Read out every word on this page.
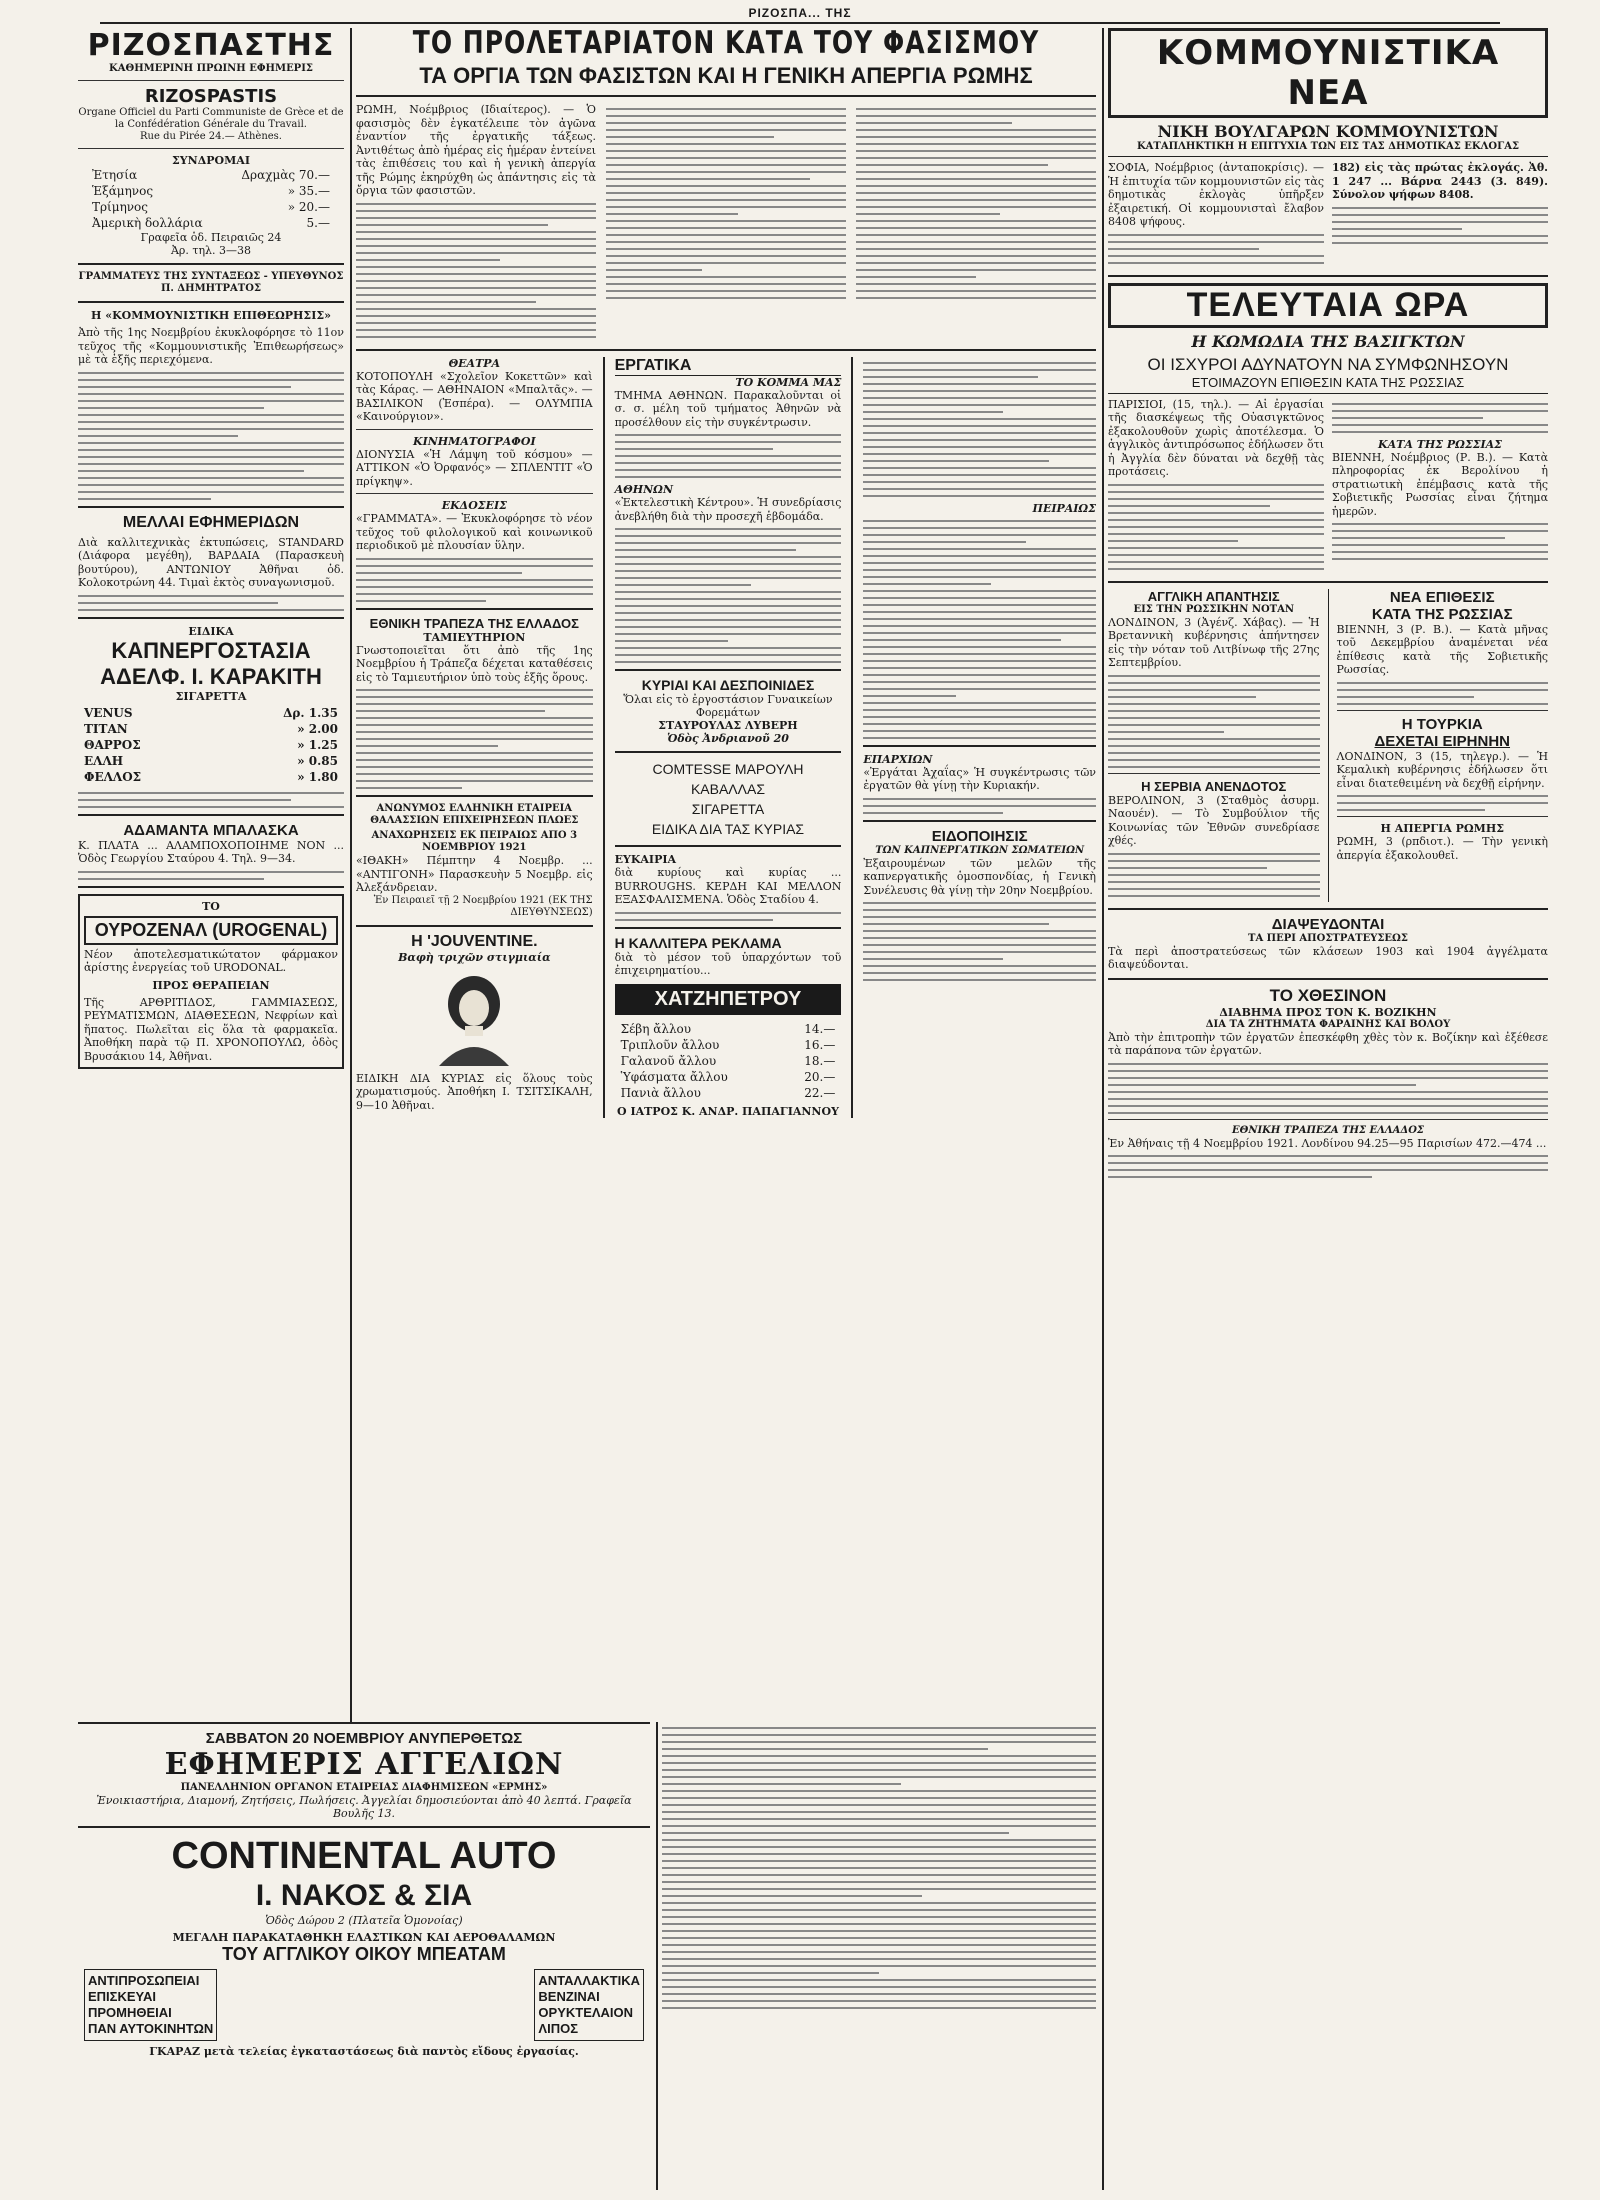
ΡΙΖΟΣΠΑ... ΤΗΣ
ΡΙΖΟΣΠΑΣΤΗΣ
ΚΑΘΗΜΕΡΙΝΗ ΠΡΩΙΝΗ ΕΦΗΜΕΡΙΣ
RIZOSPASTIS
Organe Officiel du Parti Communiste de Grèce et de la Confédération Générale du Travail.
Rue du Pirée 24.— Athènes.
ΣΥΝΔΡΟΜΑΙ
Ἐτησία	Δραχμὰς 70.—
Ἑξάμηνος	» 35.—
Τρίμηνος	» 20.—
Ἀμερικὴ δολλάρια	5.—
Γραφεῖα ὁδ. Πειραιῶς 24
Ἀρ. τηλ. 3—38
ΓΡΑΜΜΑΤΕΥΣ ΤΗΣ ΣΥΝΤΑΞΕΩΣ - ΥΠΕΥΘΥΝΟΣ Π. ΔΗΜΗΤΡΑΤΟΣ
Η «ΚΟΜΜΟΥΝΙΣΤΙΚΗ ΕΠΙΘΕΩΡΗΣΙΣ»
Ἀπὸ τῆς 1ης Νοεμβρίου ἐκυκλοφόρησε τὸ 11ον τεῦχος τῆς «Κομμουνιστικῆς Ἐπιθεωρήσεως» μὲ τὰ ἑξῆς περιεχόμενα.
ΜΕΛΛΑΙ ΕΦΗΜΕΡΙΔΩΝ
Διὰ καλλιτεχνικὰς ἐκτυπώσεις, STANDARD (Διάφορα μεγέθη), ΒΑΡΔΑΙΑ (Παρασκευὴ βουτύρου), ΑΝΤΩΝΙΟΥ Ἀθῆναι ὁδ. Κολοκοτρώνη 44. Τιμαὶ ἐκτὸς συναγωνισμοῦ.
ΕΙΔΙΚΑ
ΚΑΠΝΕΡΓΟΣΤΑΣΙΑ
ΑΔΕΛΦ. Ι. ΚΑΡΑΚΙΤΗ
ΣΙΓΑΡΕΤΤΑ
VENUS	Δρ. 1.35
ΤΙΤΑΝ	» 2.00
ΘΑΡΡΟΣ	» 1.25
ΕΛΛΗ	» 0.85
ΦΕΛΛΟΣ	» 1.80
ΑΔΑΜΑΝΤΑ ΜΠΑΛΑΣΚΑ
Κ. ΠΛΑΤΑ ... ΑΛΑΜΠΟΧΟΠΟΙΗΜΕ ΝΟΝ ... Ὁδὸς Γεωργίου Σταύρου 4. Τηλ. 9—34.
ΤΟ
ΟΥΡΟΖΕΝΑΛ (UROGENAL)
Νέον ἀποτελεσματικώτατον φάρμακον ἀρίστης ἐνεργείας τοῦ URODONAL.
ΠΡΟΣ ΘΕΡΑΠΕΙΑΝ
Τῆς ΑΡΘΡΙΤΙΔΟΣ, ΓΑΜΜΙΑΣΕΩΣ, ΡΕΥΜΑΤΙΣΜΩΝ, ΔΙΑΘΕΣΕΩΝ, Νεφρίων καὶ ἥπατος. Πωλεῖται εἰς ὅλα τὰ φαρμακεῖα. Ἀποθήκη παρὰ τῷ Π. ΧΡΟΝΟΠΟΥΛΩ, ὁδὸς Βρυσάκιου 14, Ἀθῆναι.
ΤΟ ΠΡΟΛΕΤΑΡΙΑΤΟΝ ΚΑΤΑ ΤΟΥ ΦΑΣΙΣΜΟΥ
ΤΑ ΟΡΓΙΑ ΤΩΝ ΦΑΣΙΣΤΩΝ ΚΑΙ Η ΓΕΝΙΚΗ ΑΠΕΡΓΙΑ ΡΩΜΗΣ
ΡΩΜΗ, Νοέμβριος (Ιδιαίτερος). — Ὁ φασισμὸς δὲν ἐγκατέλειπε τὸν ἀγῶνα ἐναντίον τῆς ἐργατικῆς τάξεως. Ἀντιθέτως ἀπὸ ἡμέρας εἰς ἡμέραν ἐντείνει τὰς ἐπιθέσεις του καὶ ἡ γενικὴ ἀπεργία τῆς Ρώμης ἐκηρύχθη ὡς ἀπάντησις εἰς τὰ ὄργια τῶν φασιστῶν.
ΘΕΑΤΡΑ
ΚΟΤΟΠΟΥΛΗ «Σχολεῖον Κοκεττῶν» καὶ τὰς Κάρας. — ΑΘΗΝΑΙΟΝ «Μπαλτᾶς». — ΒΑΣΙΛΙΚΟΝ (Ἑσπέρα). — ΟΛΥΜΠΙΑ «Καινούργιον».
ΚΙΝΗΜΑΤΟΓΡΑΦΟΙ
ΔΙΟΝΥΣΙΑ «Ἡ Λάμψη τοῦ κόσμου» — ΑΤΤΙΚΟΝ «Ὁ Ὀρφανός» — ΣΠΛΕΝΤΙΤ «Ὁ πρίγκηψ».
ΕΚΔΟΣΕΙΣ
«ΓΡΑΜΜΑΤΑ». — Ἐκυκλοφόρησε τὸ νέον τεῦχος τοῦ φιλολογικοῦ καὶ κοινωνικοῦ περιοδικοῦ μὲ πλουσίαν ὕλην.
ΕΘΝΙΚΗ ΤΡΑΠΕΖΑ ΤΗΣ ΕΛΛΑΔΟΣ
ΤΑΜΙΕΥΤΗΡΙΟΝ
Γνωστοποιεῖται ὅτι ἀπὸ τῆς 1ης Νοεμβρίου ἡ Τράπεζα δέχεται καταθέσεις εἰς τὸ Ταμιευτήριον ὑπὸ τοὺς ἑξῆς ὅρους.
ΑΝΩΝΥΜΟΣ ΕΛΛΗΝΙΚΗ ΕΤΑΙΡΕΙΑ ΘΑΛΑΣΣΙΩΝ ΕΠΙΧΕΙΡΗΣΕΩΝ ΠΛΩΕΣ
ΑΝΑΧΩΡΗΣΕΙΣ ΕΚ ΠΕΙΡΑΙΩΣ ΑΠΟ 3 ΝΟΕΜΒΡΙΟΥ 1921
«ΙΘΑΚΗ» Πέμπτην 4 Νοεμβρ. ... «ΑΝΤΙΓΟΝΗ» Παρασκευὴν 5 Νοεμβρ. εἰς Ἀλεξάνδρειαν.
Ἐν Πειραιεῖ τῇ 2 Νοεμβρίου 1921 (ΕΚ ΤΗΣ ΔΙΕΥΘΥΝΣΕΩΣ)
Η 'JOUVENTINE.
Βαφὴ τριχῶν στιγμιαία
ΕΙΔΙΚΗ ΔΙΑ ΚΥΡΙΑΣ εἰς ὅλους τοὺς χρωματισμούς. Ἀποθήκη Ι. ΤΣΙΤΣΙΚΑΛΗ, 9—10 Ἀθῆναι.
ΕΡΓΑΤΙΚΑ
ΤΟ ΚΟΜΜΑ ΜΑΣ
ΤΜΗΜΑ ΑΘΗΝΩΝ. Παρακαλοῦνται οἱ σ. σ. μέλη τοῦ τμήματος Ἀθηνῶν νὰ προσέλθουν εἰς τὴν συγκέντρωσιν.
ΑΘΗΝΩΝ
«Ἐκτελεστικὴ Κέντρου». Ἡ συνεδρίασις ἀνεβλήθη διὰ τὴν προσεχῆ ἑβδομάδα.
ΚΥΡΙΑΙ ΚΑΙ ΔΕΣΠΟΙΝΙΔΕΣ
Ὅλαι εἰς τὸ ἐργοστάσιον Γυναικείων Φορεμάτων
ΣΤΑΥΡΟΥΛΑΣ ΛΥΒΕΡΗ
Ὁδὸς Ἀνδριανοῦ 20
COMTESSE ΜΑΡΟΥΛΗ
ΚΑΒΑΛΛΑΣ
ΣΙΓΑΡΕΤΤΑ
ΕΙΔΙΚΑ ΔΙΑ ΤΑΣ ΚΥΡΙΑΣ
ΕΥΚΑΙΡΙΑ
διὰ κυρίους καὶ κυρίας ... BURROUGHS. ΚΕΡΔΗ ΚΑΙ ΜΕΛΛΟΝ ΕΞΑΣΦΑΛΙΣΜΕΝΑ. Ὁδὸς Σταδίου 4.
Η ΚΑΛΛΙΤΕΡΑ ΡΕΚΛΑΜΑ
διὰ τὸ μέσον τοῦ ὑπαρχόντων τοῦ ἐπιχειρηματίου...
ΧΑΤΖΗΠΕΤΡΟΥ
Σέβη ἄλλου	14.—
Τριπλοῦν ἄλλου	16.—
Γαλανοῦ ἄλλου	18.—
Ὑφάσματα ἄλλου	20.—
Πανιὰ ἄλλου	22.—
Ο ΙΑΤΡΟΣ Κ. ΑΝΔΡ. ΠΑΠΑΓΙΑΝΝΟΥ
ΠΕΙΡΑΙΩΣ
ΕΠΑΡΧΙΩΝ
«Ἐργάται Ἀχαΐας» Ἡ συγκέντρωσις τῶν ἐργατῶν θὰ γίνῃ τὴν Κυριακήν.
ΕΙΔΟΠΟΙΗΣΙΣ
ΤΩΝ ΚΑΠΝΕΡΓΑΤΙΚΩΝ ΣΩΜΑΤΕΙΩΝ
Ἐξαιρουμένων τῶν μελῶν τῆς καπνεργατικῆς ὁμοσπονδίας, ἡ Γενικὴ Συνέλευσις θὰ γίνῃ τὴν 20ην Νοεμβρίου.
ΣΑΒΒΑΤΟΝ 20 ΝΟΕΜΒΡΙΟΥ ΑΝΥΠΕΡΘΕΤΩΣ
ΕΦΗΜΕΡΙΣ ΑΓΓΕΛΙΩΝ
ΠΑΝΕΛΛΗΝΙΟΝ ΟΡΓΑΝΟΝ ΕΤΑΙΡΕΙΑΣ ΔΙΑΦΗΜΙΣΕΩΝ «ΕΡΜΗΣ»
Ἐνοικιαστήρια, Διαμονή, Ζητήσεις, Πωλήσεις. Ἀγγελίαι δημοσιεύονται ἀπὸ 40 λεπτά. Γραφεῖα Βουλῆς 13.
CONTINENTAL AUTO
Ι. ΝΑΚΟΣ & ΣΙΑ
Ὁδὸς Δώρου 2 (Πλατεῖα Ὁμονοίας)
ΜΕΓΑΛΗ ΠΑΡΑΚΑΤΑΘΗΚΗ ΕΛΑΣΤΙΚΩΝ ΚΑΙ ΑΕΡΟΘΑΛΑΜΩΝ
ΤΟΥ ΑΓΓΛΙΚΟΥ ΟΙΚΟΥ ΜΠΕΑΤΑΜ
ΑΝΤΙΠΡΟΣΩΠΕΙΑΙ
ΕΠΙΣΚΕΥΑΙ
ΠΡΟΜΗΘΕΙΑΙ
ΠΑΝ ΑΥΤΟΚΙΝΗΤΩΝ
ΑΝΤΑΛΛΑΚΤΙΚΑ
ΒΕΝΖΙΝΑΙ
ΟΡΥΚΤΕΛΑΙΟΝ
ΛΙΠΟΣ
ΓΚΑΡΑΖ μετὰ τελείας ἐγκαταστάσεως διὰ παντὸς εἴδους ἐργασίας.
ΚΟΜΜΟΥΝΙΣΤΙΚΑ ΝΕΑ
ΝΙΚΗ ΒΟΥΛΓΑΡΩΝ ΚΟΜΜΟΥΝΙΣΤΩΝ
ΚΑΤΑΠΛΗΚΤΙΚΗ Η ΕΠΙΤΥΧΙΑ ΤΩΝ ΕΙΣ ΤΑΣ ΔΗΜΟΤΙΚΑΣ ΕΚΛΟΓΑΣ
ΣΟΦΙΑ, Νοέμβριος (ἀνταποκρίσις). — Ἡ ἐπιτυχία τῶν κομμουνιστῶν εἰς τὰς δημοτικὰς ἐκλογὰς ὑπῆρξεν ἐξαιρετική. Οἱ κομμουνισταὶ ἔλαβον 8408 ψήφους.
182) εἰς τὰς πρώτας ἐκλογάς. Ἀθ. 1 247 ... Βάρνα 2443 (3. 849). Σύνολον ψήφων 8408.
ΤΕΛΕΥΤΑΙΑ ΩΡΑ
Η ΚΩΜΩΔΙΑ ΤΗΣ ΒΑΣΙΓΚΤΩΝ
ΟΙ ΙΣΧΥΡΟΙ ΑΔΥΝΑΤΟΥΝ ΝΑ ΣΥΜΦΩΝΗΣΟΥΝ
ΕΤΟΙΜΑΖΟΥΝ ΕΠΙΘΕΣΙΝ ΚΑΤΑ ΤΗΣ ΡΩΣΣΙΑΣ
ΠΑΡΙΣΙΟΙ, (15, τηλ.). — Αἱ ἐργασίαι τῆς διασκέψεως τῆς Οὐασιγκτῶνος ἐξακολουθοῦν χωρὶς ἀποτέλεσμα. Ὁ ἀγγλικὸς ἀντιπρόσωπος ἐδήλωσεν ὅτι ἡ Ἀγγλία δὲν δύναται νὰ δεχθῇ τὰς προτάσεις.
ΚΑΤΑ ΤΗΣ ΡΩΣΣΙΑΣ
ΒΙΕΝΝΗ, Νοέμβριος (Ρ. Β.). — Κατὰ πληροφορίας ἐκ Βερολίνου ἡ στρατιωτικὴ ἐπέμβασις κατὰ τῆς Σοβιετικῆς Ρωσσίας εἶναι ζήτημα ἡμερῶν.
ΑΓΓΛΙΚΗ ΑΠΑΝΤΗΣΙΣ
ΕΙΣ ΤΗΝ ΡΩΣΣΙΚΗΝ ΝΟΤΑΝ
ΛΟΝΔΙΝΟΝ, 3 (Ἀγένζ. Χάβας). — Ἡ Βρεταννικὴ κυβέρνησις ἀπήντησεν εἰς τὴν νόταν τοῦ Λιτβίνωφ τῆς 27ης Σεπτεμβρίου.
Η ΣΕΡΒΙΑ ΑΝΕΝΔΟΤΟΣ
ΒΕΡΟΛΙΝΟΝ, 3 (Σταθμὸς ἀσυρμ. Ναουέν). — Τὸ Συμβούλιον τῆς Κοινωνίας τῶν Ἐθνῶν συνεδρίασε χθές.
ΝΕΑ ΕΠΙΘΕΣΙΣ
ΚΑΤΑ ΤΗΣ ΡΩΣΣΙΑΣ
ΒΙΕΝΝΗ, 3 (Ρ. Β.). — Κατὰ μῆνας τοῦ Δεκεμβρίου ἀναμένεται νέα ἐπίθεσις κατὰ τῆς Σοβιετικῆς Ρωσσίας.
Η ΤΟΥΡΚΙΑ
ΔΕΧΕΤΑΙ ΕΙΡΗΝΗΝ
ΛΟΝΔΙΝΟΝ, 3 (15, τηλεγρ.). — Ἡ Κεμαλικὴ κυβέρνησις ἐδήλωσεν ὅτι εἶναι διατεθειμένη νὰ δεχθῇ εἰρήνην.
Η ΑΠΕΡΓΙΑ ΡΩΜΗΣ
ΡΩΜΗ, 3 (ρπδιοτ.). — Τὴν γενικὴ ἀπεργία ἐξακολουθεῖ.
ΔΙΑΨΕΥΔΟΝΤΑΙ
ΤΑ ΠΕΡΙ ΑΠΟΣΤΡΑΤΕΥΣΕΩΣ
Τὰ περὶ ἀποστρατεύσεως τῶν κλάσεων 1903 καὶ 1904 ἀγγέλματα διαψεύδονται.
ΤΟ ΧΘΕΣΙΝΟΝ
ΔΙΑΒΗΜΑ ΠΡΟΣ ΤΟΝ Κ. ΒΟΖΙΚΗΝ
ΔΙΑ ΤΑ ΖΗΤΗΜΑΤΑ ΦΑΡΑΙΝΗΣ ΚΑΙ ΒΟΛΟΥ
Ἀπὸ τὴν ἐπιτροπὴν τῶν ἐργατῶν ἐπεσκέφθη χθὲς τὸν κ. Βοζίκην καὶ ἐξέθεσε τὰ παράπονα τῶν ἐργατῶν.
ΕΘΝΙΚΗ ΤΡΑΠΕΖΑ ΤΗΣ ΕΛΛΑΔΟΣ
Ἐν Ἀθήναις τῇ 4 Νοεμβρίου 1921. Λονδίνου 94.25—95 Παρισίων 472.—474 ...
